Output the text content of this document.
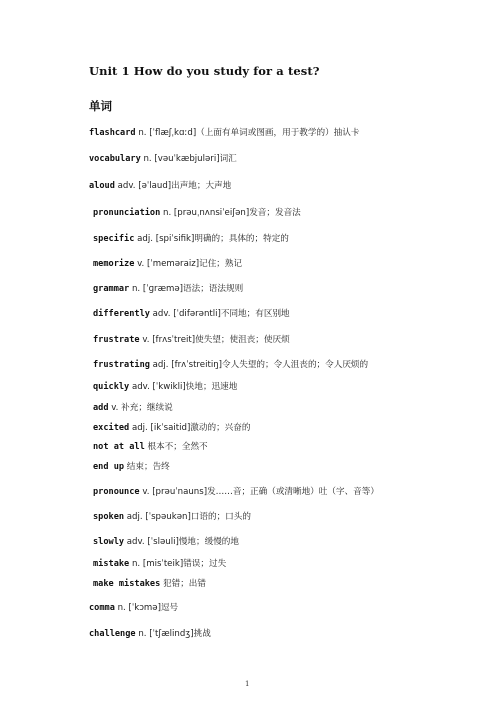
Unit 1 How do you study for a test?
单词
flashcard n. [ˈflæʃˌkɑːd]（上面有单词或图画，用于教学的）抽认卡
vocabulary n. [vəuˈkæbjuləri]词汇
aloud adv. [əˈlaud]出声地；大声地
pronunciation n. [prəuˌnʌnsiˈeiʃən]发音；发音法
specific adj. [spiˈsifik]明确的；具体的；特定的
memorize v. [ˈmeməraiz]记住；熟记
grammar n. [ˈɡræmə]语法；语法规则
differently adv. [ˈdifərəntli]不同地；有区别地
frustrate v. [frʌsˈtreit]使失望；使沮丧；使厌烦
frustrating adj. [frʌˈstreitiŋ]令人失望的；令人沮丧的；令人厌烦的
quickly adv. [ˈkwikli]快地；迅速地
add v. 补充；继续说
excited adj. [ikˈsaitid]激动的；兴奋的
not at all 根本不；全然不
end up 结束；告终
pronounce v. [prəuˈnauns]发……音；正确（或清晰地）吐（字、音等）
spoken adj. [ˈspəukən]口语的；口头的
slowly adv. [ˈsləuli]慢地；缓慢的地
mistake n. [misˈteik]错误；过失
make mistakes 犯错；出错
comma n. [ˈkɔmə]逗号
challenge n. [ˈtʃælindʒ]挑战
1
